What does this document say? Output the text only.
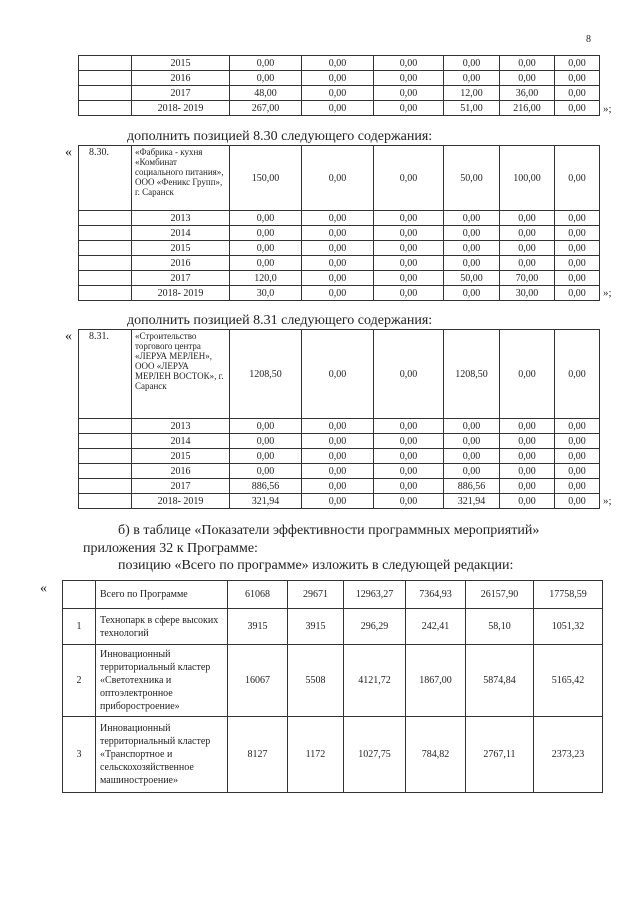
8
	2015	0,00	0,00	0,00	0,00	0,00	0,00
	2016	0,00	0,00	0,00	0,00	0,00	0,00
	2017	48,00	0,00	0,00	12,00	36,00	0,00
	2018- 2019	267,00	0,00	0,00	51,00	216,00	0,00 »;
дополнить позицией 8.30 следующего содержания:
« 8.30.	«Фабрика - кухня «Комбинат социального питания», ООО «Феникс Групп», г. Саранск	150,00	0,00	0,00	50,00	100,00	0,00
	2013	0,00	0,00	0,00	0,00	0,00	0,00
	2014	0,00	0,00	0,00	0,00	0,00	0,00
	2015	0,00	0,00	0,00	0,00	0,00	0,00
	2016	0,00	0,00	0,00	0,00	0,00	0,00
	2017	120,0	0,00	0,00	50,00	70,00	0,00
	2018- 2019	30,0	0,00	0,00	0,00	30,00	0,00 »;
дополнить позицией 8.31 следующего содержания:
« 8.31.	«Строительство торгового центра «ЛЕРУА МЕРЛЕН», ООО «ЛЕРУА МЕРЛЕН ВОСТОК», г. Саранск	1208,50	0,00	0,00	1208,50	0,00	0,00
	2013	0,00	0,00	0,00	0,00	0,00	0,00
	2014	0,00	0,00	0,00	0,00	0,00	0,00
	2015	0,00	0,00	0,00	0,00	0,00	0,00
	2016	0,00	0,00	0,00	0,00	0,00	0,00
	2017	886,56	0,00	0,00	886,56	0,00	0,00
	2018- 2019	321,94	0,00	0,00	321,94	0,00	0,00 »;
б) в таблице «Показатели эффективности программных мероприятий»
приложения 32 к Программе:
позицию «Всего по программе» изложить в следующей редакции:
«
		Всего по Программе	61068	29671	12963,27	7364,93	26157,90	17758,59
1	Технопарк в сфере высоких технологий	3915	3915	296,29	242,41	58,10	1051,32
2	Инновационный территориальный кластер «Светотехника и оптоэлектронное приборостроение»	16067	5508	4121,72	1867,00	5874,84	5165,42
3	Инновационный территориальный кластер «Транспортное и сельскохозяйственное машиностроение»	8127	1172	1027,75	784,82	2767,11	2373,23
